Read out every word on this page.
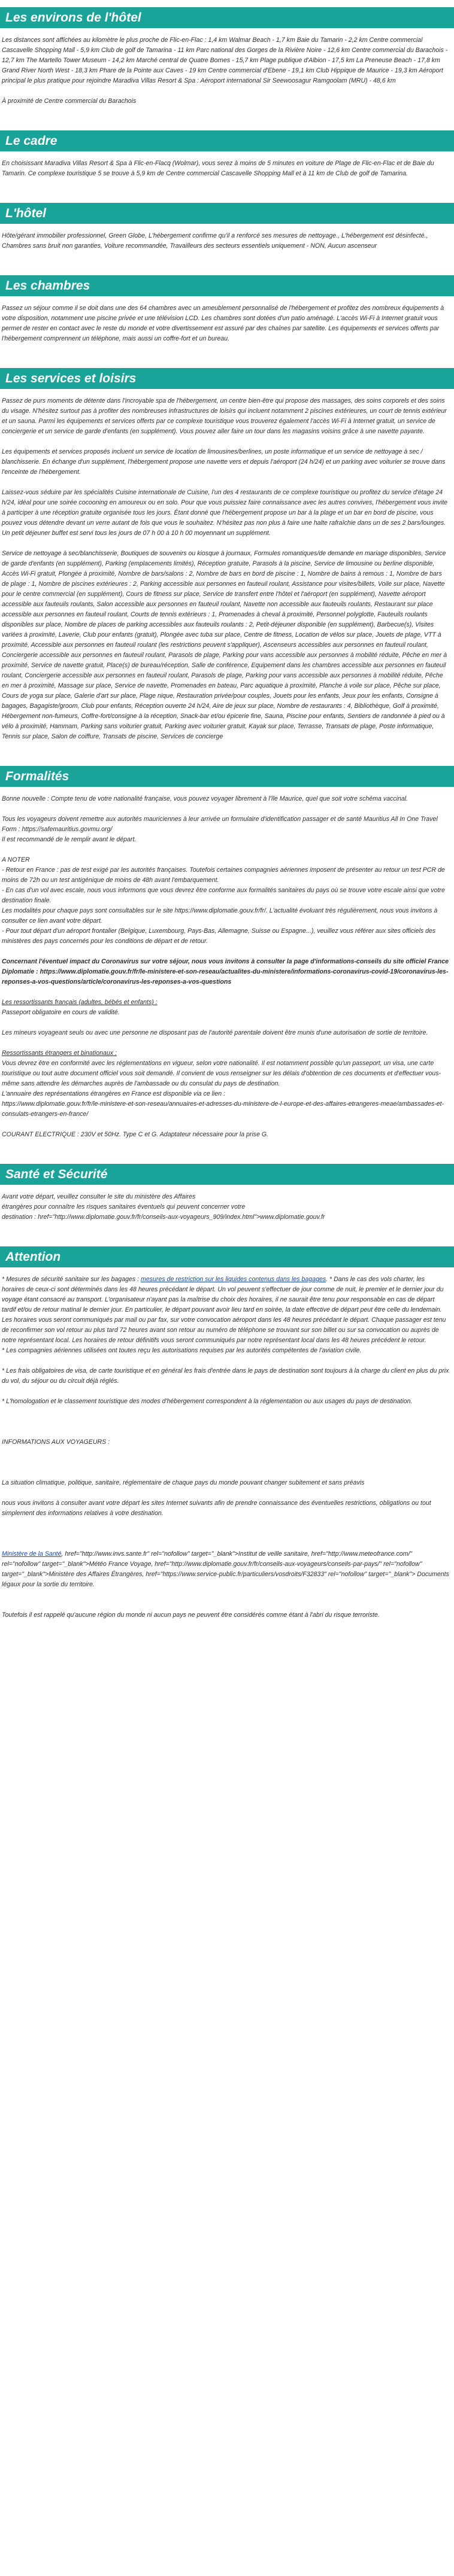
Les environs de l'hôtel

Les distances sont affichées au kilomètre le plus proche de Flic-en-Flac : 1,4 km Walmar Beach - 1,7 km Baie du Tamarin - 2,2 km Centre commercial Cascavelle Shopping Mall - 5,9 km Club de golf de Tamarina - 11 km Parc national des Gorges de la Rivière Noire - 12,6 km Centre commercial du Barachois - 12,7 km The Martello Tower Museum - 14,2 km Marché central de Quatre Bornes - 15,7 km Plage publique d'Albion - 17,5 km La Preneuse Beach - 17,8 km Grand River North West - 18,3 km Phare de la Pointe aux Caves - 19 km Centre commercial d'Ebene - 19,1 km Club Hippique de Maurice - 19,3 km Aéroport principal le plus pratique pour rejoindre Maradiva Villas Resort & Spa : Aéroport international Sir Seewoosagur Ramgoolam (MRU) - 48,6 km

À proximité de Centre commercial du Barachois

Le cadre

En choisissant Maradiva Villas Resort & Spa à Flic-en-Flacq (Wolmar), vous serez à moins de 5 minutes en voiture de Plage de Flic-en-Flac et de Baie du Tamarin. Ce complexe touristique 5 se trouve à 5,9 km de Centre commercial Cascavelle Shopping Mall et à 11 km de Club de golf de Tamarina.

L'hôtel

Hôte/gérant immobilier professionnel, Green Globe, L'hébergement confirme qu'il a renforcé ses mesures de nettoyage., L'hébergement est désinfecté., Chambres sans bruit non garanties, Voiture recommandée, Travailleurs des secteurs essentiels uniquement - NON, Aucun ascenseur

Les chambres

Passez un séjour comme il se doit dans une des 64 chambres avec un ameublement personnalisé de l'hébergement et profitez des nombreux équipements à votre disposition, notamment une piscine privée et une télévision LCD. Les chambres sont dotées d'un patio aménagé. L'accès Wi-Fi à Internet gratuit vous permet de rester en contact avec le reste du monde et votre divertissement est assuré par des chaînes par satellite. Les équipements et services offerts par l'hébergement comprennent un téléphone, mais aussi un coffre-fort et un bureau.

Les services et loisirs

Passez de purs moments de détente dans l'incroyable spa de l'hébergement, un centre bien-être qui propose des massages, des soins corporels et des soins du visage. N'hésitez surtout pas à profiter des nombreuses infrastructures de loisirs qui incluent notamment 2 piscines extérieures, un court de tennis extérieur et un sauna. Parmi les équipements et services offerts par ce complexe touristique vous trouverez également l'accès Wi-Fi à Internet gratuit, un service de conciergerie et un service de garde d'enfants (en supplément). Vous pouvez aller faire un tour dans les magasins voisins grâce à une navette payante.

Les équipements et services proposés incluent un service de location de limousines/berlines, un poste informatique et un service de nettoyage à sec / blanchisserie. En échange d'un supplément, l'hébergement propose une navette vers et depuis l'aéroport (24 h/24) et un parking avec voiturier se trouve dans l'enceinte de l'hébergement.

Laissez-vous séduire par les spécialités Cuisine internationale de Cuisine, l'un des 4 restaurants de ce complexe touristique ou profitez du service d'étage 24 h/24, idéal pour une soirée cocooning en amoureux ou en solo. Pour que vous puissiez faire connaissance avec les autres convives, l'hébergement vous invite à participer à une réception gratuite organisée tous les jours. Étant donné que l'hébergement propose un bar à la plage et un bar en bord de piscine, vous pouvez vous détendre devant un verre autant de fois que vous le souhaitez. N'hésitez pas non plus à faire une halte rafraîchie dans un de ses 2 bars/lounges. Un petit déjeuner buffet est servi tous les jours de 07 h 00 à 10 h 00 moyennant un supplément.

Service de nettoyage à sec/blanchisserie, Boutiques de souvenirs ou kiosque à journaux, Formules romantiques/de demande en mariage disponibles, Service de garde d'enfants (en supplément), Parking (emplacements limités), Réception gratuite, Parasols à la piscine, Service de limousine ou berline disponible, Accès Wi-Fi gratuit, Plongée à proximité, Nombre de bars/salons : 2, Nombre de bars en bord de piscine : 1, Nombre de bains à remous : 1, Nombre de bars de plage : 1, Nombre de piscines extérieures : 2, Parking accessible aux personnes en fauteuil roulant, Assistance pour visites/billets, Voile sur place, Navette pour le centre commercial (en supplément), Cours de fitness sur place, Service de transfert entre l'hôtel et l'aéroport (en supplément), Navette aéroport accessible aux fauteuils roulants, Salon accessible aux personnes en fauteuil roulant, Navette non accessible aux fauteuils roulants, Restaurant sur place accessible aux personnes en fauteuil roulant, Courts de tennis extérieurs : 1, Promenades à cheval à proximité, Personnel polyglotte, Fauteuils roulants disponibles sur place, Nombre de places de parking accessibles aux fauteuils roulants : 2, Petit-déjeuner disponible (en supplément), Barbecue(s), Visites variées à proximité, Laverie, Club pour enfants (gratuit), Plongée avec tuba sur place, Centre de fitness, Location de vélos sur place, Jouets de plage, VTT à proximité, Accessible aux personnes en fauteuil roulant (les restrictions peuvent s'appliquer), Ascenseurs accessibles aux personnes en fauteuil roulant, Conciergerie accessible aux personnes en fauteuil roulant, Parasols de plage, Parking pour vans accessible aux personnes à mobilité réduite, Pêche en mer à proximité, Service de navette gratuit, Place(s) de bureau/réception, Salle de conférence, Equipement dans les chambres accessible aux personnes en fauteuil roulant, Conciergerie accessible aux personnes en fauteuil roulant, Parasols de plage, Parking pour vans accessible aux personnes à mobilité réduite, Pêche en mer à proximité, Massage sur place, Service de navette, Promenades en bateau, Parc aquatique à proximité, Planche à voile sur place, Pêche sur place, Cours de yoga sur place, Galerie d'art sur place, Plage nique, Restauration privée/pour couples, Jouets pour les enfants, Jeux pour les enfants, Consigne à bagages, Bagagiste/groom, Club pour enfants, Réception ouverte 24 h/24, Aire de jeux sur place, Nombre de restaurants : 4, Bibliothèque, Golf à proximité, Hébergement non-fumeurs, Coffre-fort/consigne à la réception, Snack-bar et/ou épicerie fine, Sauna, Piscine pour enfants, Sentiers de randonnée à pied ou à vélo à proximité, Hammam, Parking sans voiturier gratuit, Parking avec voiturier gratuit, Kayak sur place, Terrasse, Transats de plage, Poste informatique, Tennis sur place, Salon de coiffure, Transats de piscine, Services de concierge

Formalités

Bonne nouvelle : Compte tenu de votre nationalité française, vous pouvez voyager librement à l'île Maurice, quel que soit votre schéma vaccinal.

Tous les voyageurs doivent remettre aux autorités mauriciennes à leur arrivée un formulaire d'identification passager et de santé Mauritius All In One Travel Form : https://safemauritius.govmu.org/

Il est recommandé de le remplir avant le départ.

A NOTER

- Retour en France : pas de test exigé par les autorités françaises. Toutefois certaines compagnies aériennes imposent de présenter au retour un test PCR de moins de 72h ou un test antigénique de moins de 48h avant l'embarquement.

- En cas d'un vol avec escale, nous vous informons que vous devrez être conforme aux formalités sanitaires du pays où se trouve votre escale ainsi que votre destination finale.

Les modalités pour chaque pays sont consultables sur le site https://www.diplomatie.gouv.fr/fr/. L'actualité évoluant très régulièrement, nous vous invitons à consulter ce lien avant votre départ.

- Pour tout départ d'un aéroport frontalier (Belgique, Luxembourg, Pays-Bas, Allemagne, Suisse ou Espagne...), veuillez vous référer aux sites officiels des ministères des pays concernés pour les conditions de départ et de retour.

Concernant l'éventuel impact du Coronavirus sur votre séjour, nous vous invitons à consulter la page d'informations-conseils du site officiel France Diplomatie : https://www.diplomatie.gouv.fr/fr/le-ministere-et-son-reseau/actualites-du-ministere/informations-coronavirus-covid-19/coronavirus-les-reponses-a-vos-questions/article/coronavirus-les-reponses-a-vos-questions

Les ressortissants français (adultes, bébés et enfants) :

Passeport obligatoire en cours de validité.

Les mineurs voyageant seuls ou avec une personne ne disposant pas de l'autorité parentale doivent être munis d'une autorisation de sortie de territoire.

Ressortissants étrangers et binationaux :

Vous devrez être en conformité avec les réglementations en vigueur, selon votre nationalité. Il est notamment possible qu'un passeport, un visa, une carte touristique ou tout autre document officiel vous soit demandé. Il convient de vous renseigner sur les délais d'obtention de ces documents et d'effectuer vous-même sans attendre les démarches auprès de l'ambassade ou du consulat du pays de destination.

L'annuaire des représentations étrangères en France est disponible via ce lien :

https://www.diplomatie.gouv.fr/fr/le-ministere-et-son-reseau/annuaires-et-adresses-du-ministere-de-l-europe-et-des-affaires-etrangeres-meae/ambassades-et-consulats-etrangers-en-france/

COURANT ELECTRIQUE : 230V et 50Hz. Type C et G. Adaptateur nécessaire pour la prise G.

Santé et Sécurité

Avant votre départ, veuillez consulter le site du ministère des Affaires

étrangères pour connaître les risques sanitaires éventuels qui peuvent concerner votre

destination : href="http://www.diplomatie.gouv.fr/fr/conseils-aux-voyageurs_909/index.html">www.diplomatie.gouv.fr

Attention

* Mesures de sécurité sanitaire sur les bagages : mesures de restriction sur les liquides contenus dans les bagages. * Dans le cas des vols charter, les horaires de ceux-ci sont déterminés dans les 48 heures précédant le départ. Un vol peuvent s'effectuer de jour comme de nuit, le premier et le dernier jour du voyage étant consacré au transport. L'organisateur n'ayant pas la maîtrise du choix des horaires, il ne saurait être tenu pour responsable en cas de départ tardif et/ou de retour matinal le dernier jour. En particulier, le départ pouvant avoir lieu tard en soirée, la date effective de départ peut être celle du lendemain. Les horaires vous seront communiqués par mail ou par fax, sur votre convocation aéroport dans les 48 heures précédant le départ. Chaque passager est tenu de reconfirmer son vol retour au plus tard 72 heures avant son retour au numéro de téléphone se trouvant sur son billet ou sur sa convocation ou auprès de notre représentant local. Les horaires de retour définitifs vous seront communiqués par notre représentant local dans les 48 heures précédent le retour.

* Les compagnies aériennes utilisées ont toutes reçu les autorisations requises par les autorités compétentes de l'aviation civile.

* Les frais obligatoires de visa, de carte touristique et en général les frais d'entrée dans le pays de destination sont toujours à la charge du client en plus du prix du vol, du séjour ou du circuit déjà réglés.

* L'homologation et le classement touristique des modes d'hébergement correspondent à la réglementation ou aux usages du pays de destination.

INFORMATIONS AUX VOYAGEURS :

La situation climatique, politique, sanitaire, réglementaire de chaque pays du monde pouvant changer subitement et sans préavis

nous vous invitons à consulter avant votre départ les sites Internet suivants afin de prendre connaissance des éventuelles restrictions, obligations ou tout simplement des informations relatives à votre destination.

Ministère de la Santé, href="http://www.invs.sante.fr" rel="nofollow" target="_blank">Institut de veille sanitaire, href="http://www.meteofrance.com/" rel="nofollow" target="_blank">Météo France Voyage, href="http://www.diplomatie.gouv.fr/fr/conseils-aux-voyageurs/conseils-par-pays/" rel="nofollow" target="_blank">Ministère des Affaires Étrangères, href="https://www.service-public.fr/particuliers/vosdroits/F32833" rel="nofollow" target="_blank"> Documents légaux pour la sortie du territoire.

Toutefois il est rappelé qu'aucune région du monde ni aucun pays ne peuvent être considérés comme étant à l'abri du risque terroriste.
